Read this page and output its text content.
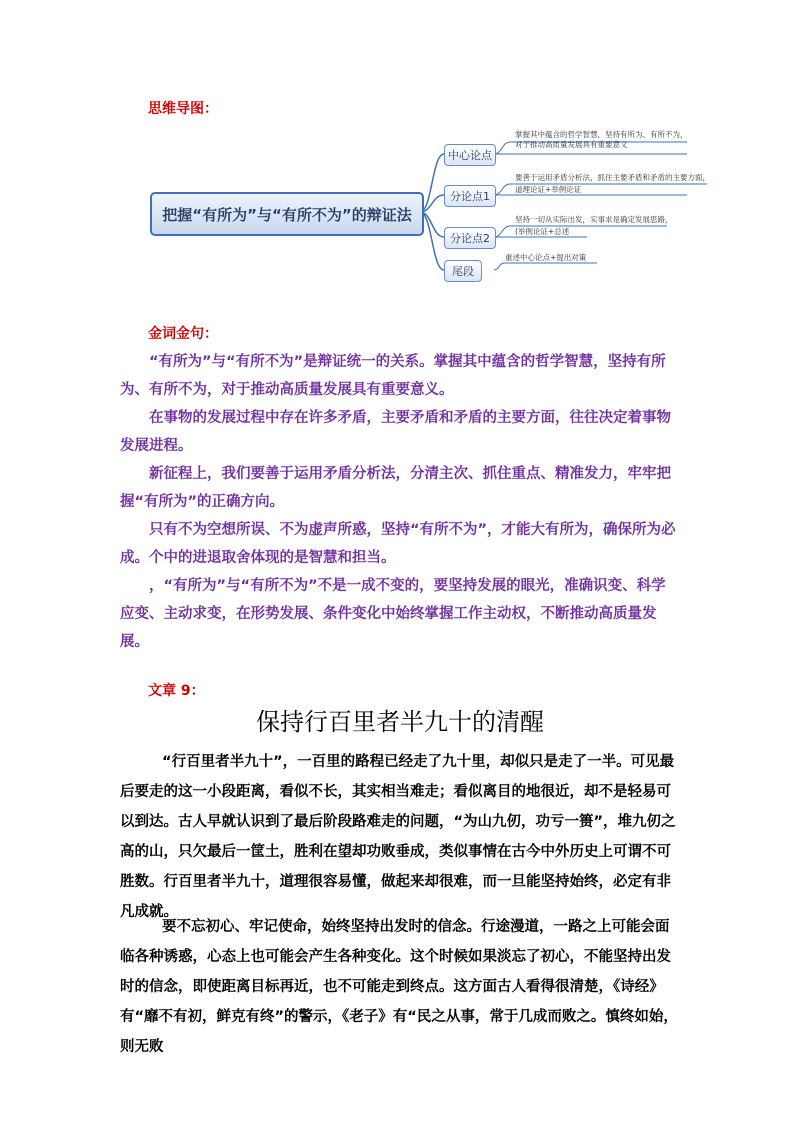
思维导图：
把握“有所为”与“有所不为”的辩证法
中心论点
掌握其中蕴含的哲学智慧，坚持有所为、有所不为，
对于推动高质量发展具有重要意义
分论点1
要善于运用矛盾分析法，抓住主要矛盾和矛盾的主要方面，
道理论证+举例论证
分论点2
坚持一切从实际出发，实事求是确定发展思路，
(举例论证+总述
尾段
重述中心论点+提出对策
金词金句：

“有所为”与“有所不为”是辩证统一的关系。掌握其中蕴含的哲学智慧，坚持有所为、有所不为，对于推动高质量发展具有重要意义。

在事物的发展过程中存在许多矛盾，主要矛盾和矛盾的主要方面，往往决定着事物发展进程。

新征程上，我们要善于运用矛盾分析法，分清主次、抓住重点、精准发力，牢牢把握“有所为”的正确方向。

只有不为空想所误、不为虚声所惑，坚持“有所不为”，才能大有所为，确保所为必成。个中的进退取舍体现的是智慧和担当。

，“有所为”与“有所不为”不是一成不变的，要坚持发展的眼光，准确识变、科学应变、主动求变，在形势发展、条件变化中始终掌握工作主动权，不断推动高质量发展。

文章 9：
保持行百里者半九十的清醒
“行百里者半九十”，一百里的路程已经走了九十里，却似只是走了一半。可见最后要走的这一小段距离，看似不长，其实相当难走；看似离目的地很近，却不是轻易可以到达。古人早就认识到了最后阶段路难走的问题，“为山九仞，功亏一篑”，堆九仞之高的山，只欠最后一筐土，胜利在望却功败垂成，类似事情在古今中外历史上可谓不可胜数。行百里者半九十，道理很容易懂，做起来却很难，而一旦能坚持始终，必定有非凡成就。
要不忘初心、牢记使命，始终坚持出发时的信念。行途漫道，一路之上可能会面临各种诱惑，心态上也可能会产生各种变化。这个时候如果淡忘了初心，不能坚持出发时的信念，即使距离目标再近，也不可能走到终点。这方面古人看得很清楚，《诗经》有“靡不有初，鲜克有终”的警示，《老子》有“民之从事，常于几成而败之。慎终如始，则无败
